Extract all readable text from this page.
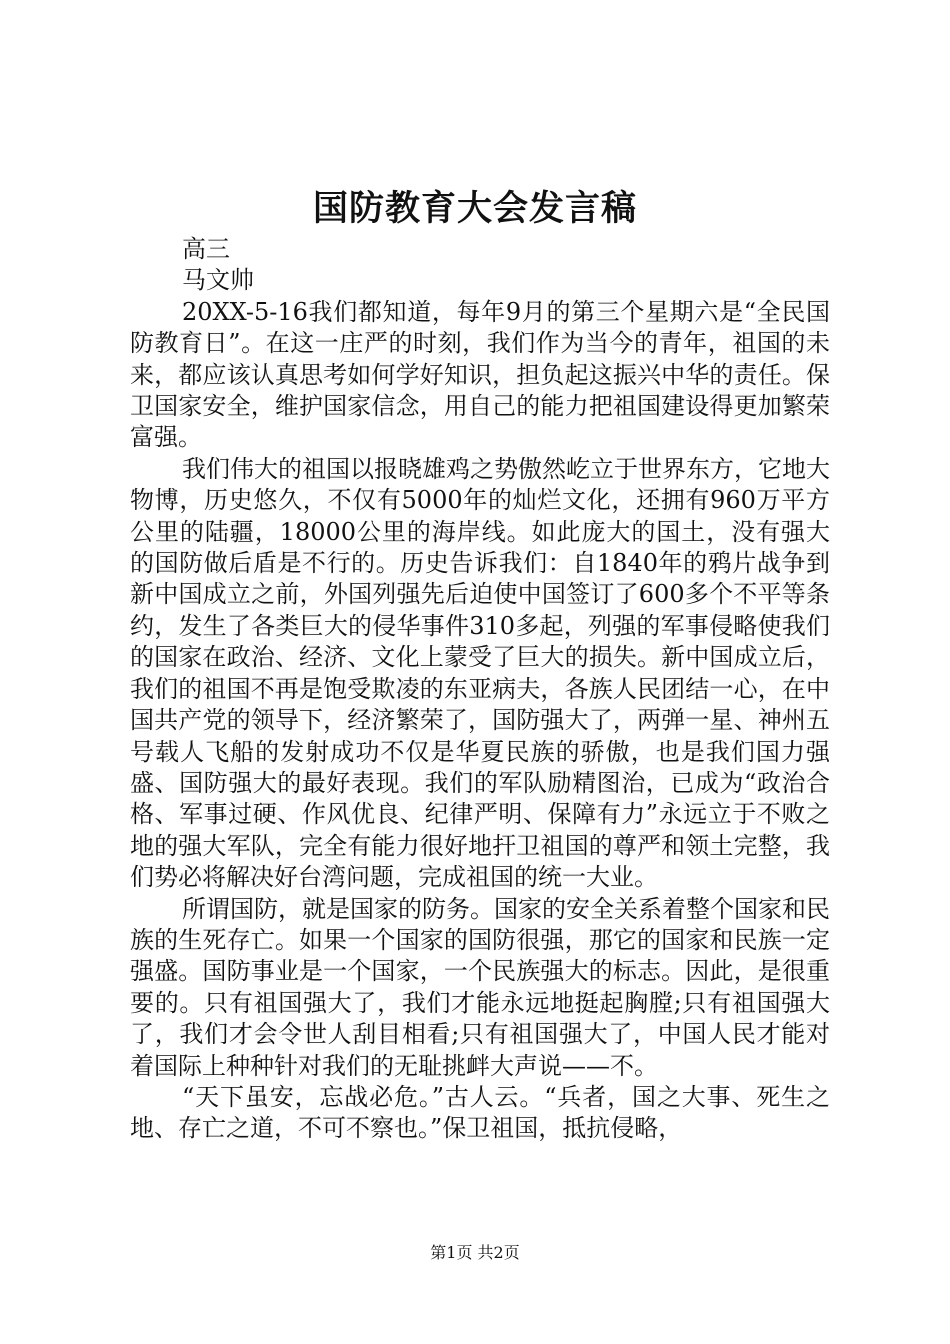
国防教育大会发言稿

高三

马文帅

20XX-5-16我们都知道，每年9月的第三个星期六是“全民国防教育日”。在这一庄严的时刻，我们作为当今的青年，祖国的未来，都应该认真思考如何学好知识，担负起这振兴中华的责任。保卫国家安全，维护国家信念，用自己的能力把祖国建设得更加繁荣富强。

我们伟大的祖国以报晓雄鸡之势傲然屹立于世界东方，它地大物博，历史悠久，不仅有5000年的灿烂文化，还拥有960万平方公里的陆疆，18000公里的海岸线。如此庞大的国土，没有强大的国防做后盾是不行的。历史告诉我们：自1840年的鸦片战争到新中国成立之前，外国列强先后迫使中国签订了600多个不平等条约，发生了各类巨大的侵华事件310多起，列强的军事侵略使我们的国家在政治、经济、文化上蒙受了巨大的损失。新中国成立后，我们的祖国不再是饱受欺凌的东亚病夫，各族人民团结一心，在中国共产党的领导下，经济繁荣了，国防强大了，两弹一星、神州五号载人飞船的发射成功不仅是华夏民族的骄傲，也是我们国力强盛、国防强大的最好表现。我们的军队励精图治，已成为“政治合格、军事过硬、作风优良、纪律严明、保障有力”永远立于不败之地的强大军队，完全有能力很好地扞卫祖国的尊严和领土完整，我们势必将解决好台湾问题，完成祖国的统一大业。

所谓国防，就是国家的防务。国家的安全关系着整个国家和民族的生死存亡。如果一个国家的国防很强，那它的国家和民族一定强盛。国防事业是一个国家，一个民族强大的标志。因此，是很重要的。只有祖国强大了，我们才能永远地挺起胸膛;只有祖国强大了，我们才会令世人刮目相看;只有祖国强大了，中国人民才能对着国际上种种针对我们的无耻挑衅大声说——不。

“天下虽安，忘战必危。”古人云。“兵者，国之大事、死生之地、存亡之道，不可不察也。”保卫祖国，抵抗侵略，

第1页 共2页
